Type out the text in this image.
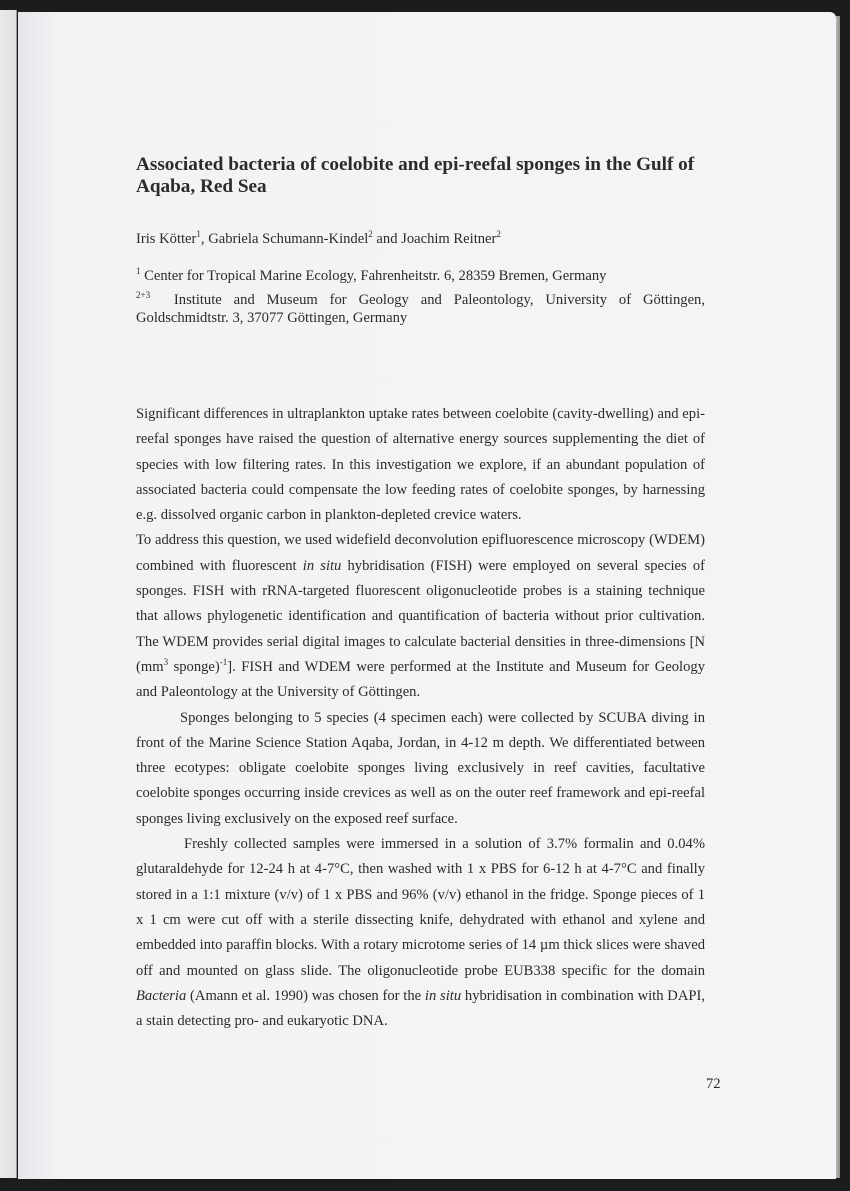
Associated bacteria of coelobite and epi-reefal sponges in the Gulf of Aqaba, Red Sea
Iris Kötter$^1$, Gabriela Schumann-Kindel$^2$ and Joachim Reitner$^2$
$^1$ Center for Tropical Marine Ecology, Fahrenheitstr. 6, 28359 Bremen, Germany
$^{2+3}$ Institute and Museum for Geology and Paleontology, University of Göttingen, Goldschmidtstr. 3, 37077 Göttingen, Germany

Significant differences in ultraplankton uptake rates between coelobite (cavity-dwelling) and epi-reefal sponges have raised the question of alternative energy sources supplementing the diet of species with low filtering rates. In this investigation we explore, if an abundant population of associated bacteria could compensate the low feeding rates of coelobite sponges, by harnessing e.g. dissolved organic carbon in plankton-depleted crevice waters.

To address this question, we used widefield deconvolution epifluorescence microscopy (WDEM) combined with fluorescent in situ hybridisation (FISH) were employed on several species of sponges. FISH with rRNA-targeted fluorescent oligonucleotide probes is a staining technique that allows phylogenetic identification and quantification of bacteria without prior cultivation. The WDEM provides serial digital images to calculate bacterial densities in three-dimensions [N ($mm^3$ sponge)$^{-1}$]. FISH and WDEM were performed at the Institute and Museum for Geology and Paleontology at the University of Göttingen.

Sponges belonging to 5 species (4 specimen each) were collected by SCUBA diving in front of the Marine Science Station Aqaba, Jordan, in 4-12 m depth. We differentiated between three ecotypes: obligate coelobite sponges living exclusively in reef cavities, facultative coelobite sponges occurring inside crevices as well as on the outer reef framework and epi-reefal sponges living exclusively on the exposed reef surface.

Freshly collected samples were immersed in a solution of 3.7% formalin and 0.04% glutaraldehyde for 12-24 h at 4-7°C, then washed with 1 x PBS for 6-12 h at 4-7°C and finally stored in a 1:1 mixture (v/v) of 1 x PBS and 96% (v/v) ethanol in the fridge. Sponge pieces of 1 x 1 cm were cut off with a sterile dissecting knife, dehydrated with ethanol and xylene and embedded into paraffin blocks. With a rotary microtome series of 14 µm thick slices were shaved off and mounted on glass slide. The oligonucleotide probe EUB338 specific for the domain Bacteria (Amann et al. 1990) was chosen for the in situ hybridisation in combination with DAPI, a stain detecting pro- and eukaryotic DNA.

72
